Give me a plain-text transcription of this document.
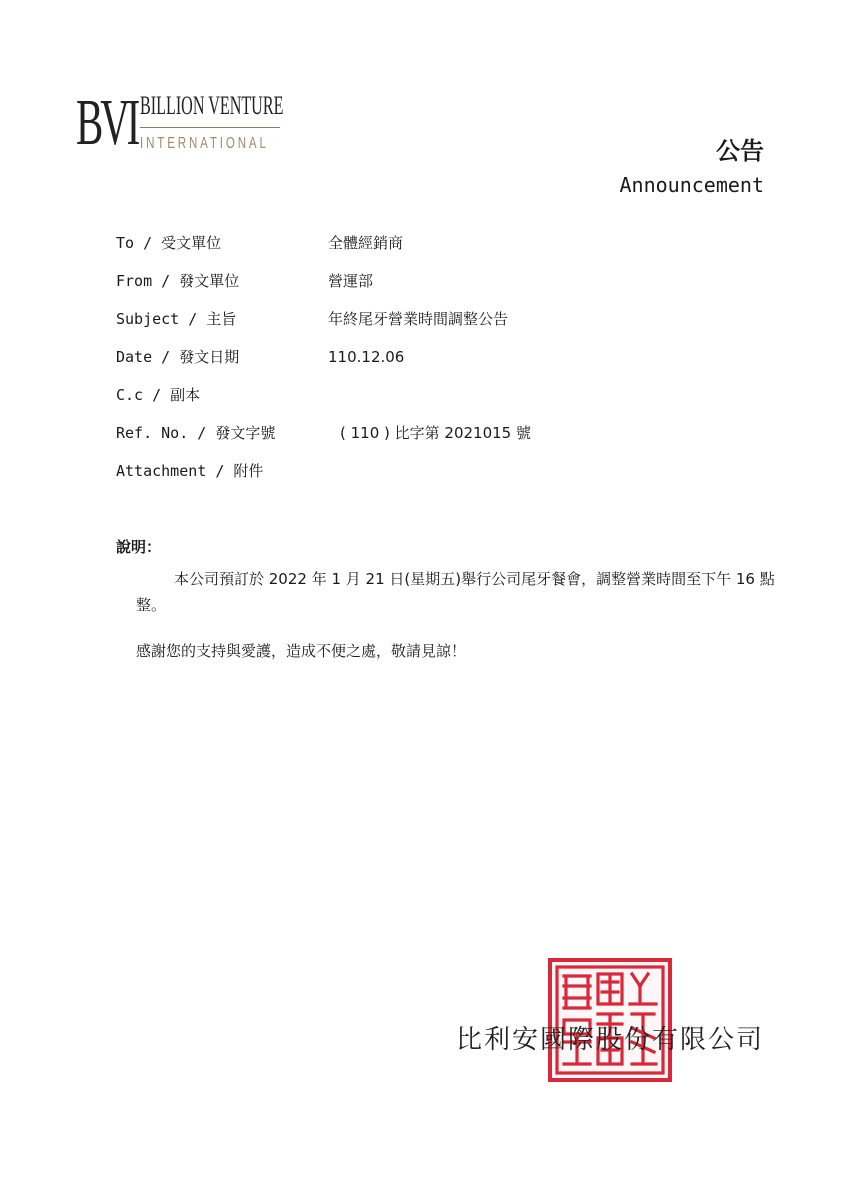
BVI BILLION VENTURE
INTERNATIONAL	公告
Announcement
To / 受文單位	全體經銷商
From / 發文單位	營運部
Subject / 主旨	年終尾牙營業時間調整公告
Date / 發文日期	110.12.06
C.c / 副本
Ref. No. / 發文字號	( 110 ) 比字第 2021015 號
Attachment / 附件
說明：
本公司預訂於 2022 年 1 月 21 日(星期五)舉行公司尾牙餐會，調整營業時間至下午 16 點整。
感謝您的支持與愛護，造成不便之處，敬請見諒！
比利安國際股份有限公司
